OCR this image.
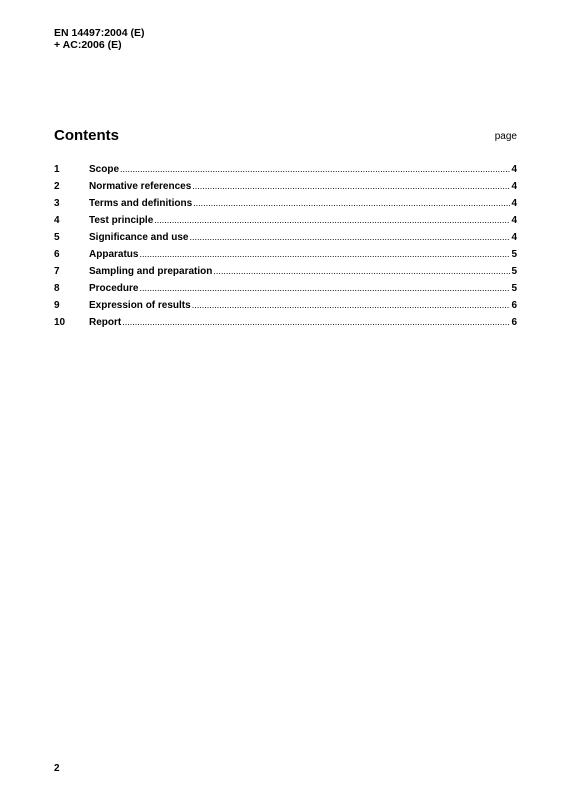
EN 14497:2004 (E)
+ AC:2006 (E)
Contents	page
1	Scope .....	4
2	Normative references .....	4
3	Terms and definitions .....	4
4	Test principle .....	4
5	Significance and use .....	4
6	Apparatus .....	5
7	Sampling and preparation .....	5
8	Procedure .....	5
9	Expression of results .....	6
10	Report .....	6
2
